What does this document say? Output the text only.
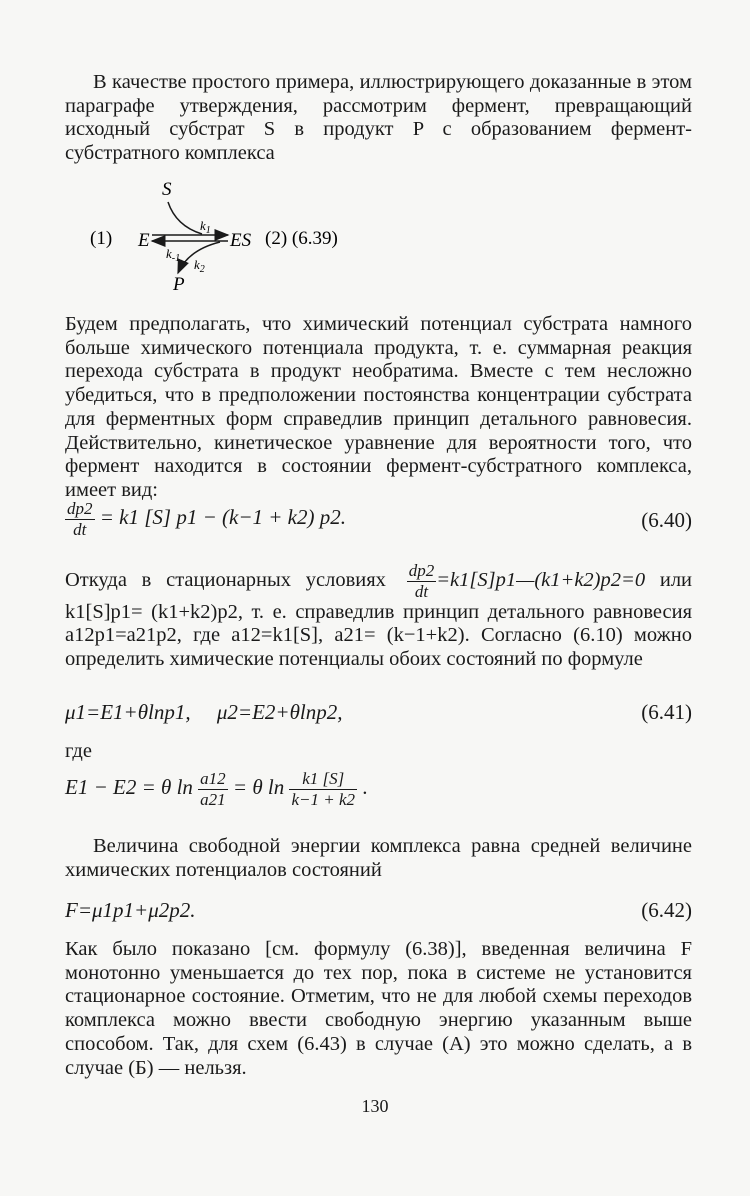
В качестве простого примера, иллюстрирующего доказанные в этом параграфе утверждения, рассмотрим фермент, превращающий исходный субстрат S в продукт P с образованием фермент-субстратного комплекса

(1)
S
E	ES
P
$k_1$
$k_{-1}$ $k_2$
(2) (6.39)

Будем предполагать, что химический потенциал субстрата намного больше химического потенциала продукта, т. е. суммарная реакция перехода субстрата в продукт необратима. Вместе с тем несложно убедиться, что в предположении постоянства концентрации субстрата для ферментных форм справедлив принцип детального равновесия. Действительно, кинетическое уравнение для вероятности того, что фермент находится в состоянии фермент-субстратного комплекса, имеет вид:

$\frac{dp2}{dt} = k1$ [S] p1 − (k−1 + k2) p2.	(6.40)
Откуда в стационарных условиях $\frac{dp2}{dt}$ =k1[S]p1—(k1+k2)p2=0 или k1[S]p1= (k1+k2)p2, т. е. справедлив принцип детального равновесия a12p1=a21p2, где a12=k1[S], a21= (k−1+k2). Согласно (6.10) можно определить химические потенциалы обоих состояний по формуле
μ1=E1+θlnp1,     μ2=E2+θlnp2,	(6.41)
где
E1 − E2 = θ $\ln \frac{a12}{a21} = \theta$ $\ln \frac{k1 [S]}{k-1 + k2}$ .

Величина свободной энергии комплекса равна средней величине химических потенциалов состояний

F=μ1p1+μ2p2.	(6.42)

Как было показано [см. формулу (6.38)], введенная величина F монотонно уменьшается до тех пор, пока в системе не установится стационарное состояние. Отметим, что не для любой схемы переходов комплекса можно ввести свободную энергию указанным выше способом. Так, для схем (6.43) в случае (А) это можно сделать, а в случае (Б) — нельзя.

130
